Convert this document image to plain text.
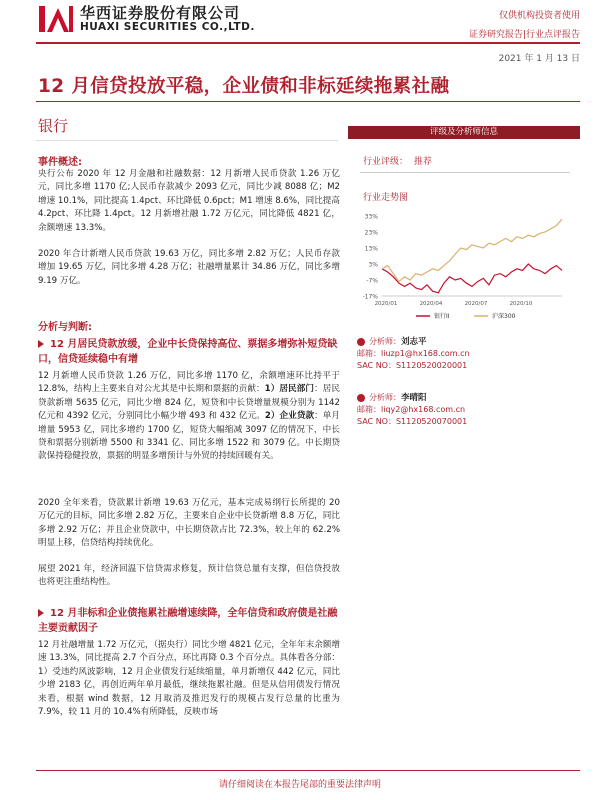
华西证券股份有限公司
HUAXI SECURITIES CO.,LTD.
仅供机构投资者使用
证券研究报告|行业点评报告
2021 年 1 月 13 日
12 月信贷投放平稳，企业债和非标延续拖累社融
银行
事件概述:
央行公布 2020 年 12 月金融和社融数据：12 月新增人民币贷款 1.26 万亿元，同比多增 1170 亿;人民币存款减少 2093 亿元，同比少减 8088 亿；M2 增速 10.1%，同比提高 1.4pct、环比降低 0.6pct；M1 增速 8.6%，同比提高 4.2pct、环比降 1.4pct。12 月新增社融 1.72 万亿元，同比降低 4821 亿，余额增速 13.3%。
2020 年合计新增人民币贷款 19.63 万亿，同比多增 2.82 万亿；人民币存款增加 19.65 万亿，同比多增 4.28 万亿；社融增量累计 34.86 万亿，同比多增 9.19 万亿。
分析与判断:
12 月居民贷款放缓，企业中长贷保持高位、票据多增弥补短贷缺口，信贷延续稳中有增
12 月新增人民币贷款 1.26 万亿，同比多增 1170 亿，余额增速环比持平于 12.8%，结构上主要来自对公尤其是中长期和票据的贡献：1）居民部门：居民贷款新增 5635 亿元，同比少增 824 亿，短贷和中长贷增量规模分别为 1142 亿元和 4392 亿元，分别同比小幅少增 493 和 432 亿元。2）企业贷款：单月增量 5953 亿，同比多增约 1700 亿，短贷大幅缩减 3097 亿的情况下，中长贷和票据分别新增 5500 和 3341 亿、同比多增 1522 和 3079 亿。中长期贷款保持稳健投放，票据的明显多增预计与外贸的持续回暖有关。
2020 全年来看，贷款累计新增 19.63 万亿元，基本完成易纲行长所提的 20 万亿元的目标，同比多增 2.82 万亿，主要来自企业中长贷新增 8.8 万亿，同比多增 2.92 万亿；并且企业贷款中，中长期贷款占比 72.3%，较上年的 62.2%明显上移，信贷结构持续优化。
展望 2021 年，经济回温下信贷需求修复，预计信贷总量有支撑，但信贷投放也将更注重结构性。
12 月非标和企业债拖累社融增速续降，全年信贷和政府债是社融主要贡献因子
12 月社融增量 1.72 万亿元，（据央行）同比少增 4821 亿元，全年年末余额增速 13.3%，同比提高 2.7 个百分点，环比再降 0.3 个百分点。具体看各分部：1）受违约风波影响，12 月企业债发行延续缩量，单月新增仅 442 亿元，同比少增 2183 亿，再创近两年单月最低，继续拖累社融。但是从信用债发行情况来看，根据 wind 数据，12 月取消及推迟发行的规模占发行总量的比重为 7.9%，较 11 月的 10.4%有所降低，反映市场
评级及分析师信息
行业评级： 推荐
行业走势图
33%
23%
13%
3%
-7%
-17%
2020/01	2020/04	2020/07	2020/10
银行II	沪深300
分析师：刘志平
邮箱：liuzp1@hx168.com.cn
SAC NO：S1120520020001
分析师：李晴阳
邮箱：liqy2@hx168.com.cn
SAC NO：S1120520070001
请仔细阅读在本报告尾部的重要法律声明
